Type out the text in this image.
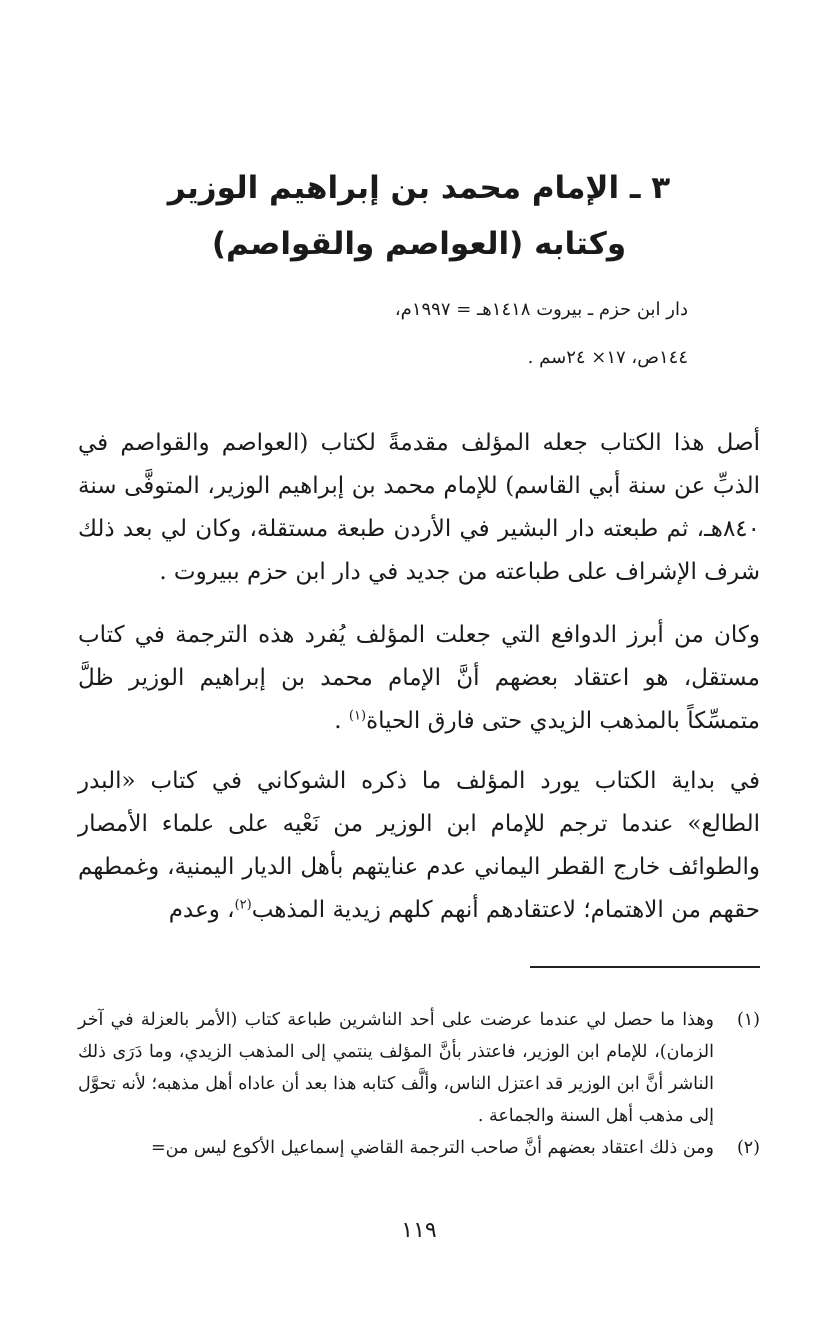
٣ ـ الإمام محمد بن إبراهيم الوزير
وكتابه (العواصم والقواصم)
دار ابن حزم ـ بيروت ١٤١٨هـ = ١٩٩٧م،
١٤٤ص، ١٧× ٢٤سم .

أصل هذا الكتاب جعله المؤلف مقدمةً لكتاب (العواصم والقواصم في الذبِّ عن سنة أبي القاسم) للإمام محمد بن إبراهيم الوزير، المتوفَّى سنة ٨٤٠هـ، ثم طبعته دار البشير في الأردن طبعة مستقلة، وكان لي بعد ذلك شرف الإشراف على طباعته من جديد في دار ابن حزم ببيروت .

وكان من أبرز الدوافع التي جعلت المؤلف يُفرد هذه الترجمة في كتاب مستقل، هو اعتقاد بعضهم أنَّ الإمام محمد بن إبراهيم الوزير ظلَّ متمسِّكاً بالمذهب الزيدي حتى فارق الحياة$^{(١)}$ .

في بداية الكتاب يورد المؤلف ما ذكره الشوكاني في كتاب «البدر الطالع» عندما ترجم للإمام ابن الوزير من نَعْيه على علماء الأمصار والطوائف خارج القطر اليماني عدم عنايتهم بأهل الديار اليمنية، وغمطهم حقهم من الاهتمام؛ لاعتقادهم أنهم كلهم زيدية المذهب$^{(٢)}$، وعدم

(١)
وهذا ما حصل لي عندما عرضت على أحد الناشرين طباعة كتاب (الأمر بالعزلة في آخر الزمان)، للإمام ابن الوزير، فاعتذر بأنَّ المؤلف ينتمي إلى المذهب الزيدي، وما دَرَى ذلك الناشر أنَّ ابن الوزير قد اعتزل الناس، وألَّف كتابه هذا بعد أن عاداه أهل مذهبه؛ لأنه تحوَّل إلى مذهب أهل السنة والجماعة .
(٢)
ومن ذلك اعتقاد بعضهم أنَّ صاحب الترجمة القاضي إسماعيل الأكوع ليس من=
١١٩
